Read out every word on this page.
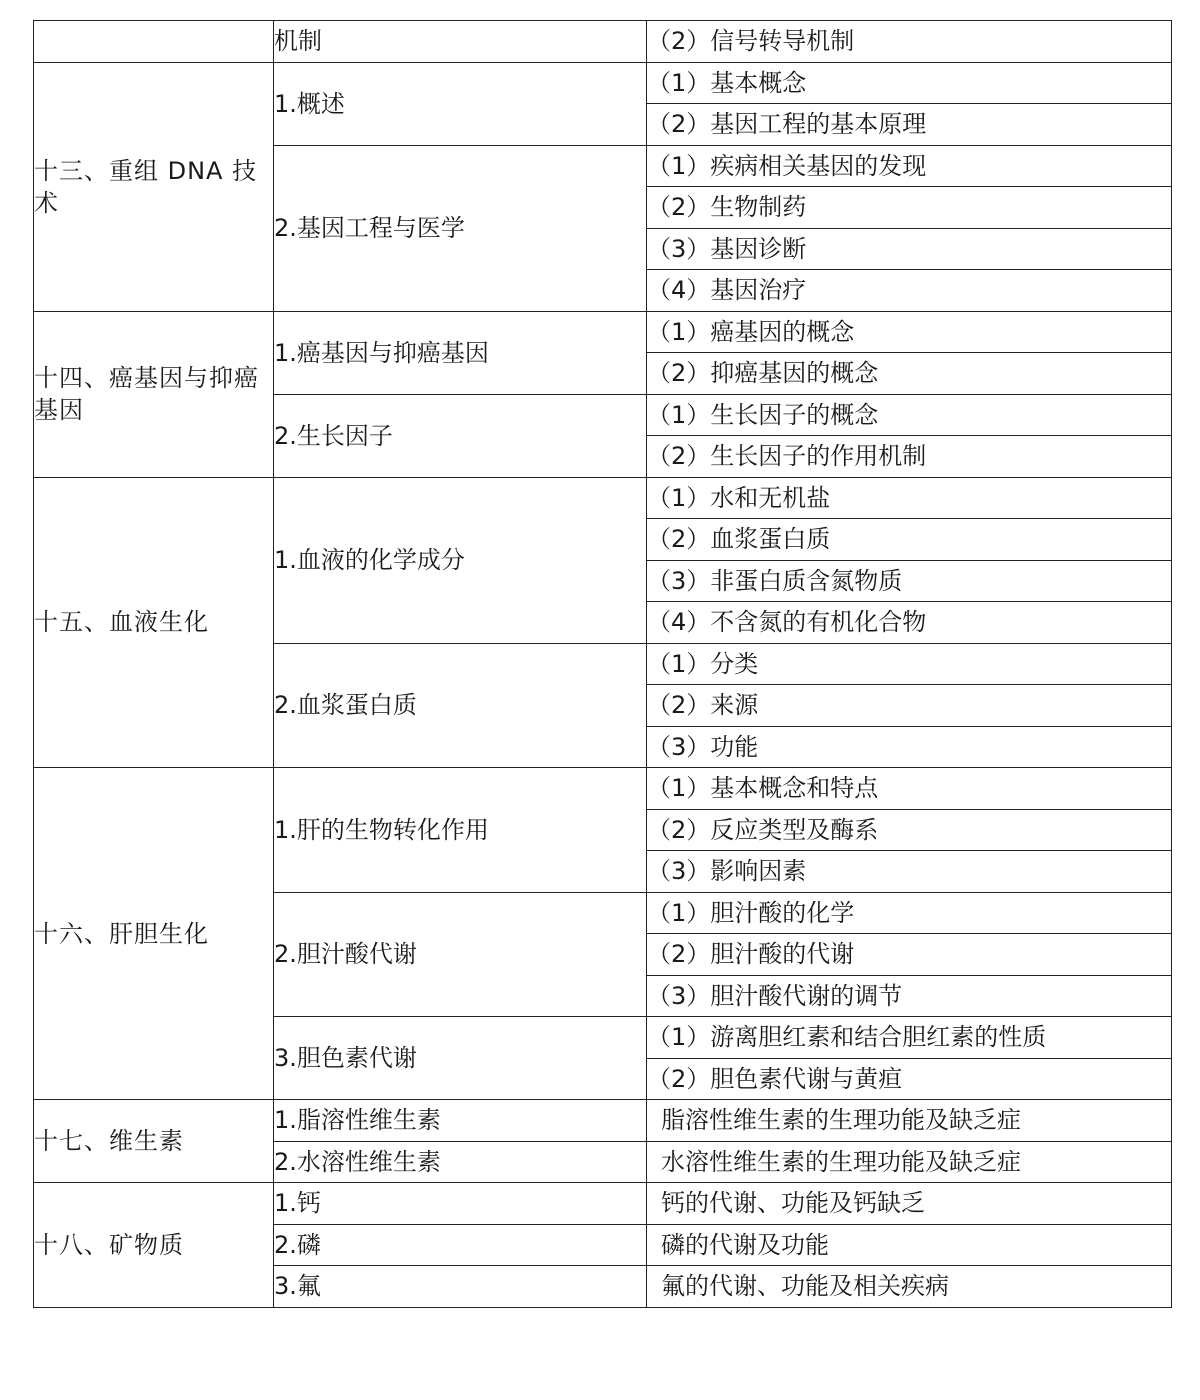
	机制	（2）信号转导机制
十三、重组 DNA 技术	1.概述	（1）基本概念
		（2）基因工程的基本原理
	2.基因工程与医学	（1）疾病相关基因的发现
		（2）生物制药
		（3）基因诊断
		（4）基因治疗
十四、癌基因与抑癌基因	1.癌基因与抑癌基因	（1）癌基因的概念
		（2）抑癌基因的概念
	2.生长因子	（1）生长因子的概念
		（2）生长因子的作用机制
十五、血液生化	1.血液的化学成分	（1）水和无机盐
		（2）血浆蛋白质
		（3）非蛋白质含氮物质
		（4）不含氮的有机化合物
	2.血浆蛋白质	（1）分类
		（2）来源
		（3）功能
十六、肝胆生化	1.肝的生物转化作用	（1）基本概念和特点
		（2）反应类型及酶系
		（3）影响因素
	2.胆汁酸代谢	（1）胆汁酸的化学
		（2）胆汁酸的代谢
		（3）胆汁酸代谢的调节
	3.胆色素代谢	（1）游离胆红素和结合胆红素的性质
		（2）胆色素代谢与黄疸
十七、维生素	1.脂溶性维生素	脂溶性维生素的生理功能及缺乏症
	2.水溶性维生素	水溶性维生素的生理功能及缺乏症
十八、矿物质	1.钙	钙的代谢、功能及钙缺乏
	2.磷	磷的代谢及功能
	3.氟	氟的代谢、功能及相关疾病
